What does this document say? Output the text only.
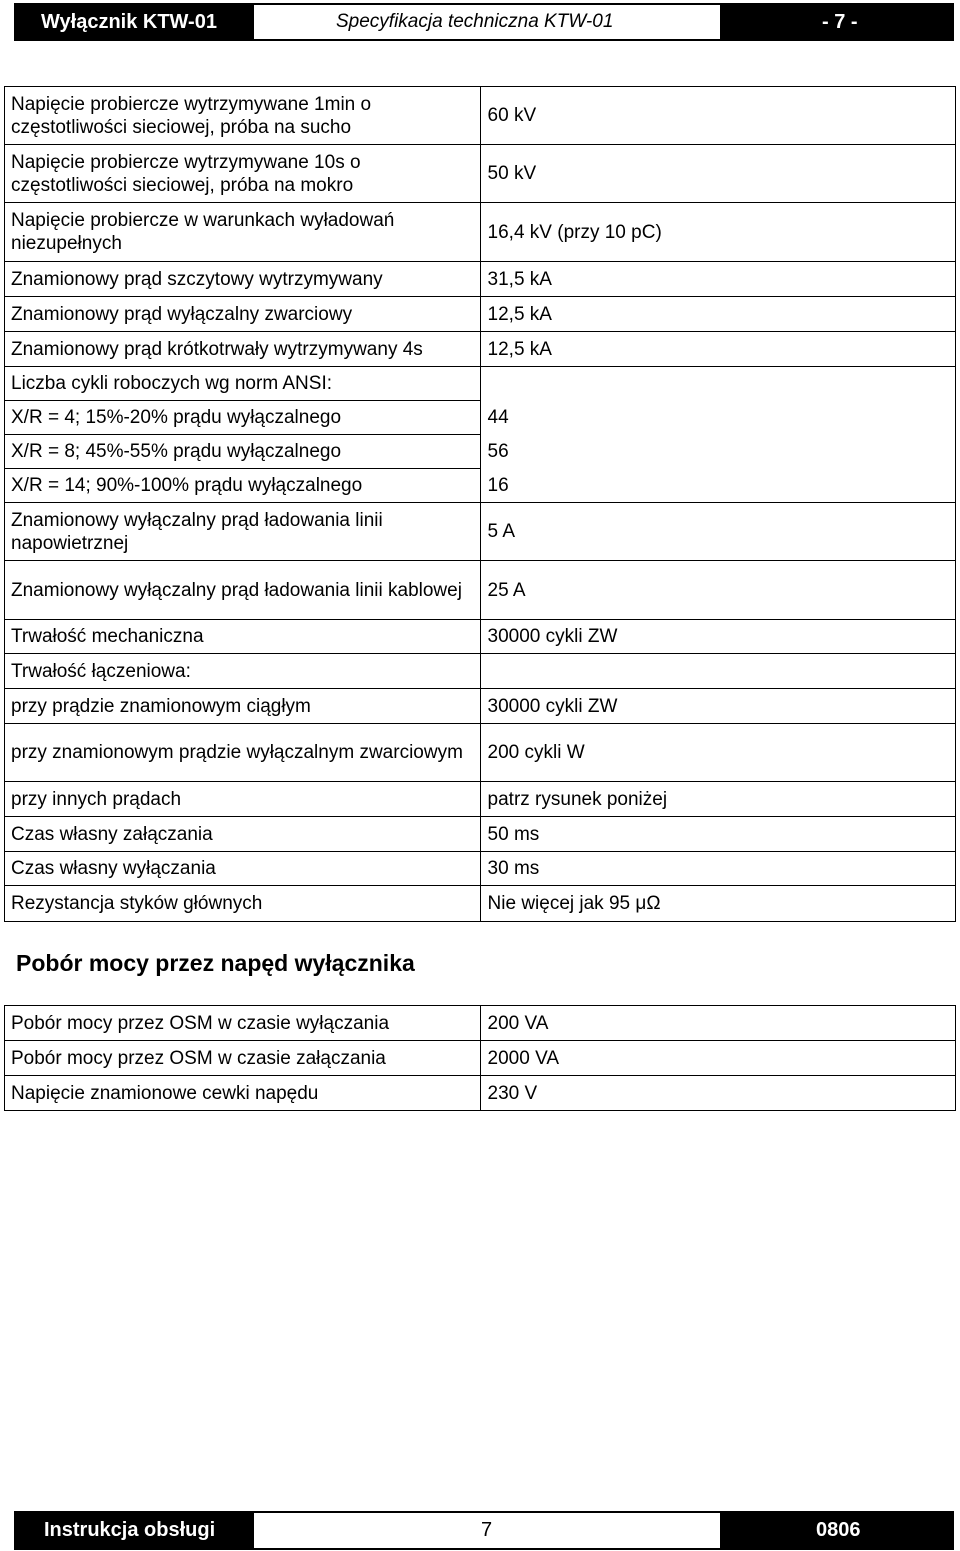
Wyłącznik KTW-01	Specyfikacja techniczna KTW-01	- 7 -
Napięcie probiercze wytrzymywane 1min o częstotliwości sieciowej, próba na sucho	60 kV
Napięcie probiercze wytrzymywane 10s o częstotliwości sieciowej, próba na mokro	50 kV
Napięcie probiercze w warunkach wyładowań niezupełnych	16,4 kV (przy 10 pC)
Znamionowy prąd szczytowy wytrzymywany	31,5 kA
Znamionowy prąd wyłączalny zwarciowy	12,5 kA
Znamionowy prąd krótkotrwały wytrzymywany 4s	12,5 kA
Liczba cykli roboczych wg norm ANSI:	
X/R = 4; 15%-20% prądu wyłączalnego	44
X/R = 8; 45%-55% prądu wyłączalnego	56
X/R = 14; 90%-100% prądu wyłączalnego	16
Znamionowy wyłączalny prąd ładowania linii napowietrznej	5 A
Znamionowy wyłączalny prąd ładowania linii kablowej	25 A
Trwałość mechaniczna	30000 cykli ZW
Trwałość łączeniowa:	
przy prądzie znamionowym ciągłym	30000 cykli ZW
przy znamionowym prądzie wyłączalnym zwarciowym	200 cykli W
przy innych prądach	patrz rysunek poniżej
Czas własny załączania	50 ms
Czas własny wyłączania	30 ms
Rezystancja styków głównych	Nie więcej jak 95 μΩ
Pobór mocy przez napęd wyłącznika
Pobór mocy przez OSM w czasie wyłączania	200 VA
Pobór mocy przez OSM w czasie załączania	2000 VA
Napięcie znamionowe cewki napędu	230 V
Instrukcja obsługi	7	0806
